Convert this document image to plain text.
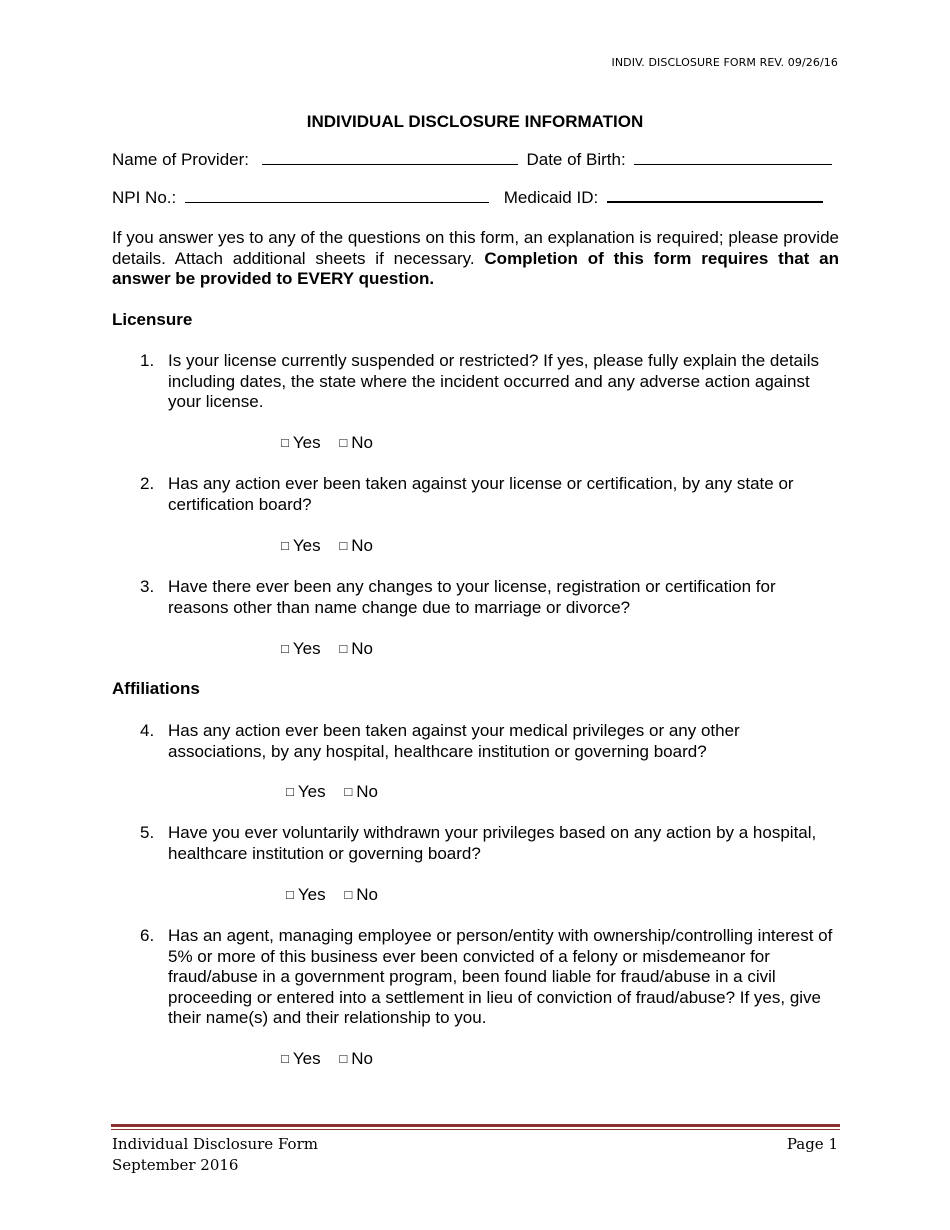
INDIV. DISCLOSURE FORM REV. 09/26/16
INDIVIDUAL DISCLOSURE INFORMATION
Name of Provider:	Date of Birth:
NPI No.:	Medicaid ID:
If you answer yes to any of the questions on this form, an explanation is required; please provide details. Attach additional sheets if necessary. Completion of this form requires that an answer be provided to EVERY question.
Licensure
1. Is your license currently suspended or restricted? If yes, please fully explain the details including dates, the state where the incident occurred and any adverse action against your license.
□ Yes □ No
2. Has any action ever been taken against your license or certification, by any state or certification board?
□ Yes □ No
3. Have there ever been any changes to your license, registration or certification for reasons other than name change due to marriage or divorce?
□ Yes □ No
Affiliations
4. Has any action ever been taken against your medical privileges or any other associations, by any hospital, healthcare institution or governing board?
□ Yes □ No
5. Have you ever voluntarily withdrawn your privileges based on any action by a hospital, healthcare institution or governing board?
□ Yes □ No
6. Has an agent, managing employee or person/entity with ownership/controlling interest of 5% or more of this business ever been convicted of a felony or misdemeanor for fraud/abuse in a government program, been found liable for fraud/abuse in a civil proceeding or entered into a settlement in lieu of conviction of fraud/abuse? If yes, give their name(s) and their relationship to you.
□ Yes □ No
Individual Disclosure Form
September 2016
Page 1
